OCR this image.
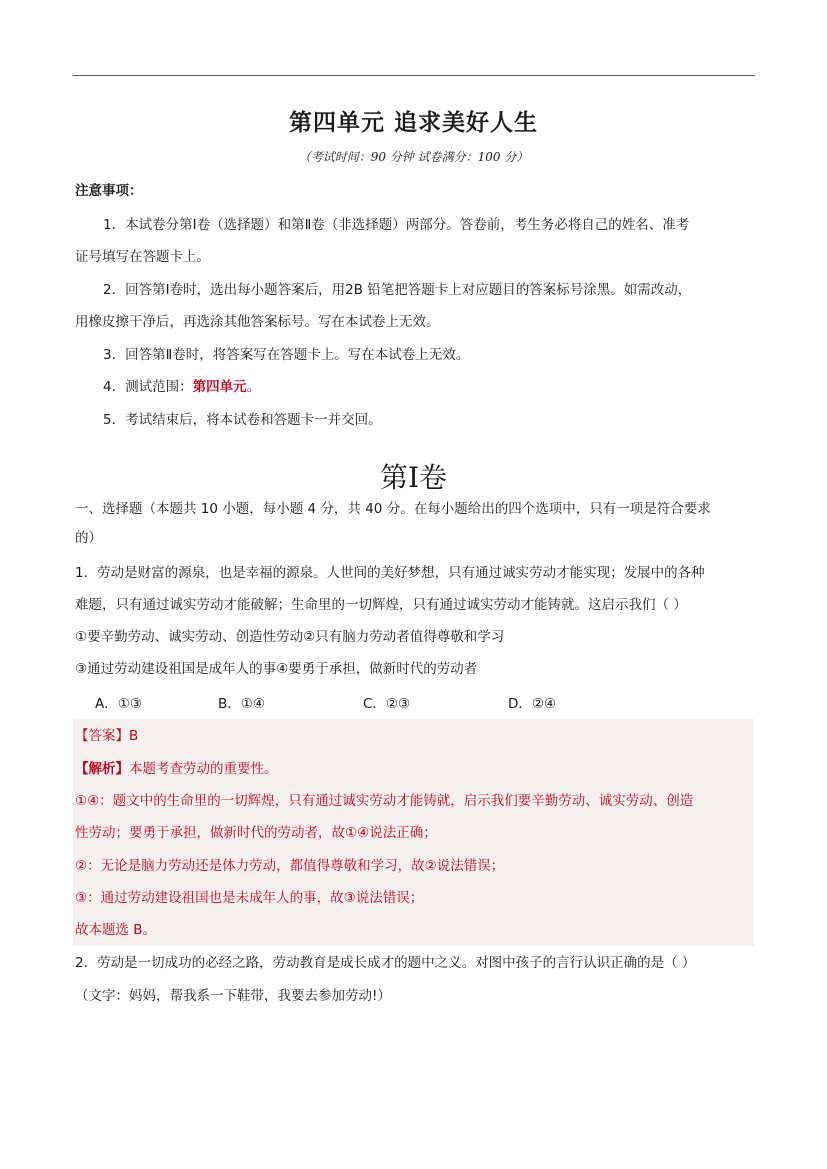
第四单元 追求美好人生
（考试时间：90 分钟 试卷满分：100 分）
注意事项：
1．本试卷分第Ⅰ卷（选择题）和第Ⅱ卷（非选择题）两部分。答卷前，考生务必将自己的姓名、准考
证号填写在答题卡上。
2．回答第Ⅰ卷时，选出每小题答案后，用2B 铅笔把答题卡上对应题目的答案标号涂黑。如需改动，
用橡皮擦干净后，再选涂其他答案标号。写在本试卷上无效。
3．回答第Ⅱ卷时，将答案写在答题卡上。写在本试卷上无效。
4．测试范围：第四单元。
5．考试结束后，将本试卷和答题卡一并交回。
第I卷
一、选择题（本题共 10 小题，每小题 4 分，共 40 分。在每小题给出的四个选项中，只有一项是符合要求
的）
1．劳动是财富的源泉，也是幸福的源泉。人世间的美好梦想，只有通过诚实劳动才能实现；发展中的各种
难题，只有通过诚实劳动才能破解；生命里的一切辉煌，只有通过诚实劳动才能铸就。这启示我们（ ）
①要辛勤劳动、诚实劳动、创造性劳动②只有脑力劳动者值得尊敬和学习
③通过劳动建设祖国是成年人的事④要勇于承担，做新时代的劳动者
A．①③	B．①④	C．②③	D．②④
【答案】B
【解析】本题考查劳动的重要性。
①④：题文中的生命里的一切辉煌，只有通过诚实劳动才能铸就，启示我们要辛勤劳动、诚实劳动、创造
性劳动；要勇于承担，做新时代的劳动者，故①④说法正确；
②：无论是脑力劳动还是体力劳动，都值得尊敬和学习，故②说法错误；
③：通过劳动建设祖国也是未成年人的事，故③说法错误；
故本题选 B。
2．劳动是一切成功的必经之路，劳动教育是成长成才的题中之义。对图中孩子的言行认识正确的是（ ）
（文字：妈妈，帮我系一下鞋带，我要去参加劳动!）
